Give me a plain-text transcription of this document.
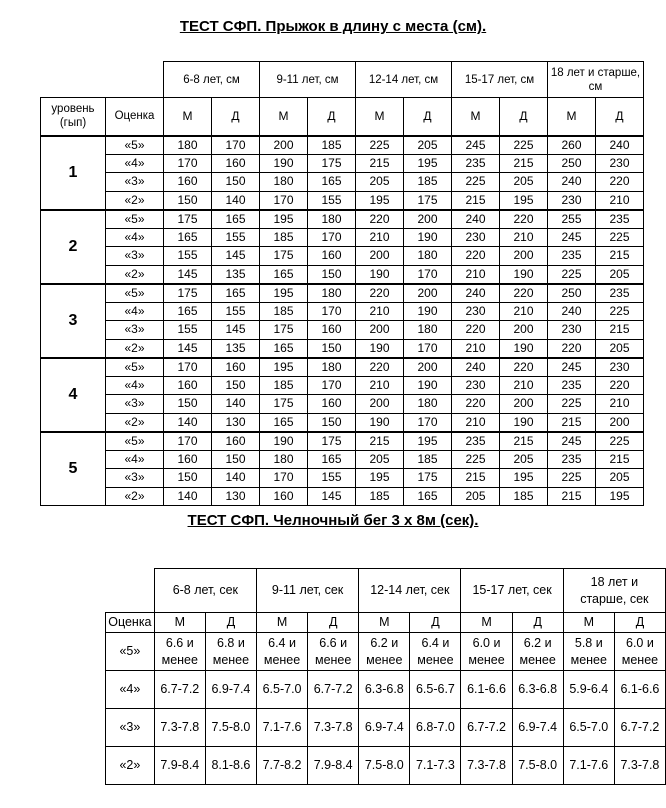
ТЕСТ СФП. Прыжок в длину с места (см).
		6-8 лет, см		9-11 лет, см		12-14 лет, см		15-17 лет, см		18 лет и старше, см	
уровень (гып)	Оценка	М	Д	М	Д	М	Д	М	Д	М	Д
1	«5»	180	170	200	185	225	205	245	225	260	240
	«4»	170	160	190	175	215	195	235	215	250	230
	«3»	160	150	180	165	205	185	225	205	240	220
	«2»	150	140	170	155	195	175	215	195	230	210
2	«5»	175	165	195	180	220	200	240	220	255	235
	«4»	165	155	185	170	210	190	230	210	245	225
	«3»	155	145	175	160	200	180	220	200	235	215
	«2»	145	135	165	150	190	170	210	190	225	205
3	«5»	175	165	195	180	220	200	240	220	250	235
	«4»	165	155	185	170	210	190	230	210	240	225
	«3»	155	145	175	160	200	180	220	200	230	215
	«2»	145	135	165	150	190	170	210	190	220	205
4	«5»	170	160	195	180	220	200	240	220	245	230
	«4»	160	150	185	170	210	190	230	210	235	220
	«3»	150	140	175	160	200	180	220	200	225	210
	«2»	140	130	165	150	190	170	210	190	215	200
5	«5»	170	160	190	175	215	195	235	215	245	225
	«4»	160	150	180	165	205	185	225	205	235	215
	«3»	150	140	170	155	195	175	215	195	225	205
	«2»	140	130	160	145	185	165	205	185	215	195
ТЕСТ СФП. Челночный бег 3 х 8м (сек).
	6-8 лет, сек		9-11 лет, сек		12-14 лет, сек		15-17 лет, сек		18 лет и старше, сек	
Оценка	М	Д	М	Д	М	Д	М	Д	М	Д
«5»	6.6 и менее	6.8 и менее	6.4 и менее	6.6 и менее	6.2 и менее	6.4 и менее	6.0 и менее	6.2 и менее	5.8 и менее	6.0 и менее
«4»	6.7-7.2	6.9-7.4	6.5-7.0	6.7-7.2	6.3-6.8	6.5-6.7	6.1-6.6	6.3-6.8	5.9-6.4	6.1-6.6
«3»	7.3-7.8	7.5-8.0	7.1-7.6	7.3-7.8	6.9-7.4	6.8-7.0	6.7-7.2	6.9-7.4	6.5-7.0	6.7-7.2
«2»	7.9-8.4	8.1-8.6	7.7-8.2	7.9-8.4	7.5-8.0	7.1-7.3	7.3-7.8	7.5-8.0	7.1-7.6	7.3-7.8
